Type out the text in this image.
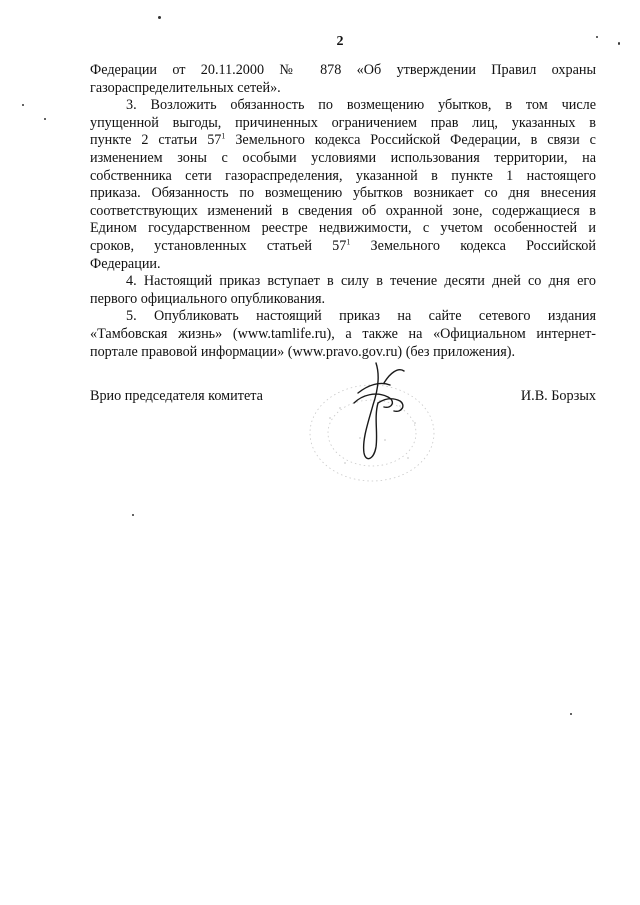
2
Федерации от 20.11.2000 № 878 «Об утверждении Правил охраны
газораспределительных сетей».
3. Возложить обязанность по возмещению убытков, в том числе
упущенной выгоды, причиненных ограничением прав лиц, указанных в
пункте 2 статьи $57^1$ Земельного кодекса Российской Федерации, в связи с
изменением зоны с особыми условиями использования территории, на
собственника сети газораспределения, указанной в пункте 1 настоящего
приказа. Обязанность по возмещению убытков возникает со дня внесения
соответствующих изменений в сведения об охранной зоне, содержащиеся в
Едином государственном реестре недвижимости, с учетом особенностей и
сроков, установленных статьей $57^1$ Земельного кодекса Российской
Федерации.
4. Настоящий приказ вступает в силу в течение десяти дней со дня его
первого официального опубликования.
5. Опубликовать настоящий приказ на сайте сетевого издания
«Тамбовская жизнь» (www.tamlife.ru), а также на «Официальном интернет-
портале правовой информации» (www.pravo.gov.ru) (без приложения).
Врио председателя комитета	И.В. Борзых
